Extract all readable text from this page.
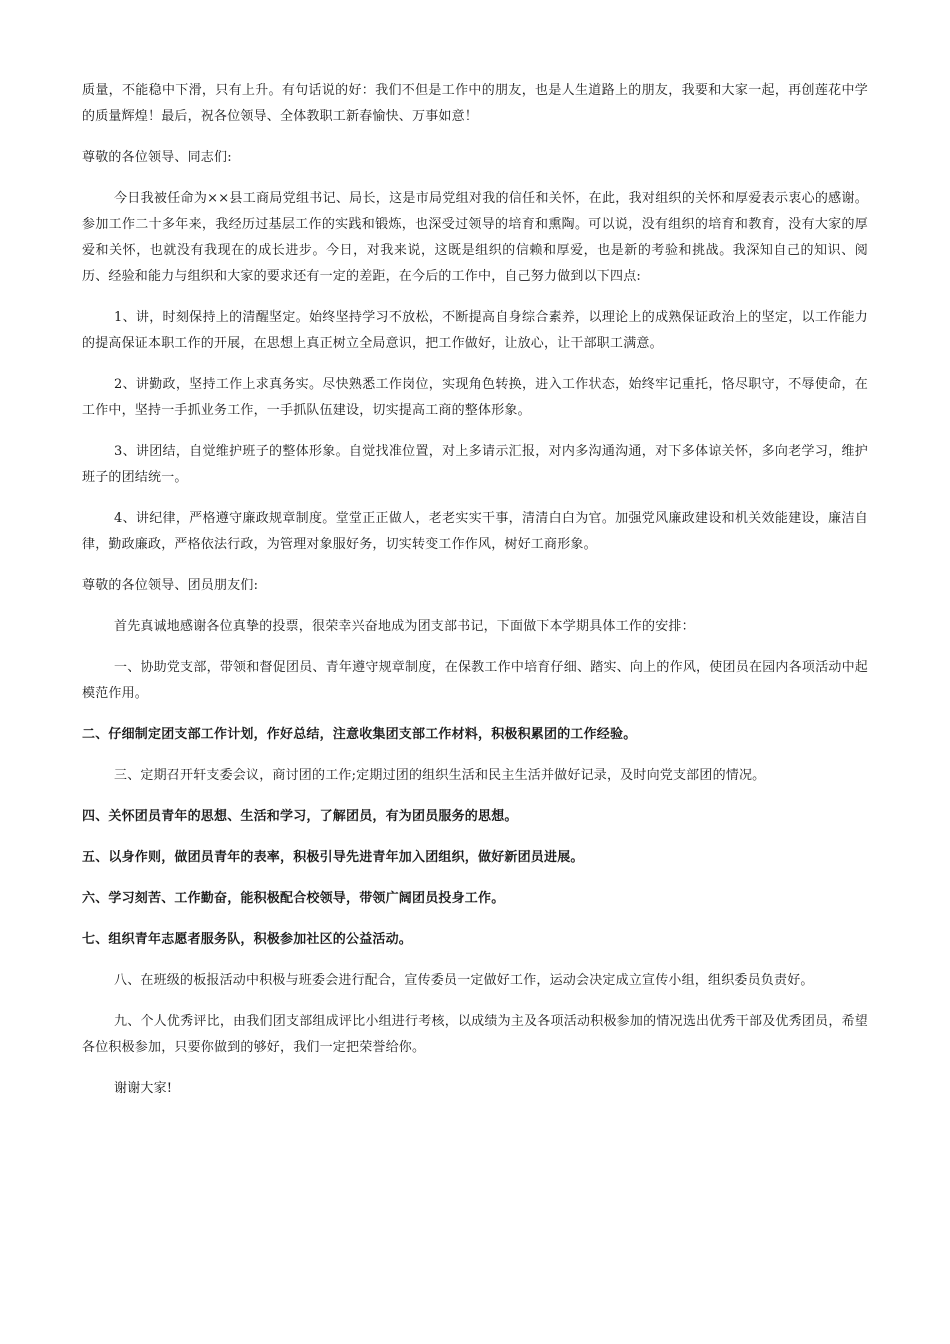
质量，不能稳中下滑，只有上升。有句话说的好：我们不但是工作中的朋友，也是人生道路上的朋友，我要和大家一起，再创莲花中学的质量辉煌！最后，祝各位领导、全体教职工新春愉快、万事如意！

尊敬的各位领导、同志们:

今日我被任命为××县工商局党组书记、局长，这是市局党组对我的信任和关怀，在此，我对组织的关怀和厚爱表示衷心的感谢。参加工作二十多年来，我经历过基层工作的实践和锻炼，也深受过领导的培育和熏陶。可以说，没有组织的培育和教育，没有大家的厚爱和关怀，也就没有我现在的成长进步。今日，对我来说，这既是组织的信赖和厚爱，也是新的考验和挑战。我深知自己的知识、阅历、经验和能力与组织和大家的要求还有一定的差距，在今后的工作中，自己努力做到以下四点:

1、讲，时刻保持上的清醒坚定。始终坚持学习不放松，不断提高自身综合素养，以理论上的成熟保证政治上的坚定，以工作能力的提高保证本职工作的开展，在思想上真正树立全局意识，把工作做好，让放心，让干部职工满意。

2、讲勤政，坚持工作上求真务实。尽快熟悉工作岗位，实现角色转换，进入工作状态，始终牢记重托，恪尽职守，不辱使命，在工作中，坚持一手抓业务工作，一手抓队伍建设，切实提高工商的整体形象。

3、讲团结，自觉维护班子的整体形象。自觉找准位置，对上多请示汇报，对内多沟通沟通，对下多体谅关怀，多向老学习，维护班子的团结统一。

4、讲纪律，严格遵守廉政规章制度。堂堂正正做人，老老实实干事，清清白白为官。加强党风廉政建设和机关效能建设，廉洁自律，勤政廉政，严格依法行政，为管理对象服好务，切实转变工作作风，树好工商形象。

尊敬的各位领导、团员朋友们:

首先真诚地感谢各位真挚的投票，很荣幸兴奋地成为团支部书记，下面做下本学期具体工作的安排：

一、协助党支部，带领和督促团员、青年遵守规章制度，在保教工作中培育仔细、踏实、向上的作风，使团员在园内各项活动中起模范作用。

二、仔细制定团支部工作计划，作好总结，注意收集团支部工作材料，积极积累团的工作经验。

三、定期召开轩支委会议，商讨团的工作;定期过团的组织生活和民主生活并做好记录，及时向党支部团的情况。

四、关怀团员青年的思想、生活和学习，了解团员，有为团员服务的思想。

五、以身作则，做团员青年的表率，积极引导先进青年加入团组织，做好新团员进展。

六、学习刻苦、工作勤奋，能积极配合校领导，带领广阔团员投身工作。

七、组织青年志愿者服务队，积极参加社区的公益活动。

八、在班级的板报活动中积极与班委会进行配合，宣传委员一定做好工作，运动会决定成立宣传小组，组织委员负责好。

九、个人优秀评比，由我们团支部组成评比小组进行考核，以成绩为主及各项活动积极参加的情况选出优秀干部及优秀团员，希望各位积极参加，只要你做到的够好，我们一定把荣誉给你。

谢谢大家!
